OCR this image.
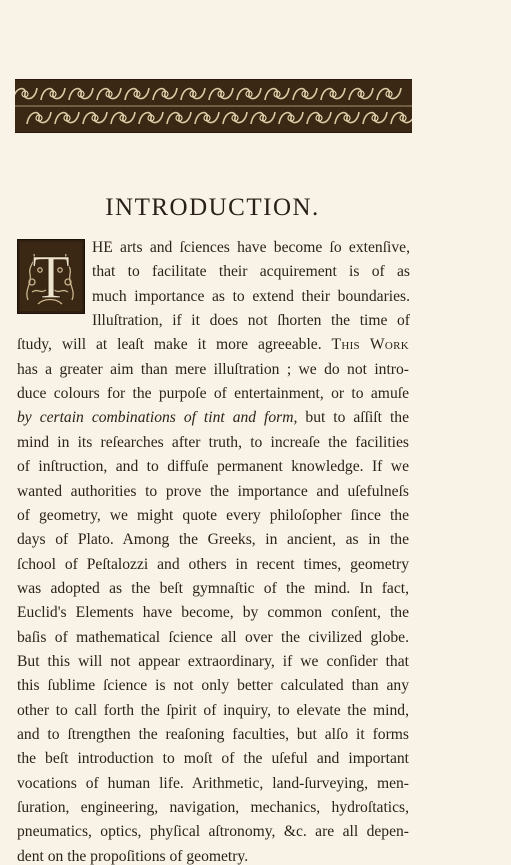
INTRODUCTION.
T HE arts and ſciences have become ſo extenſive,
that to facilitate their acquirement is of as
much importance as to extend their boundaries.
Illuſtration, if it does not ſhorten the time of
ſtudy, will at leaſt make it more agreeable. This Work
has a greater aim than mere illuſtration ; we do not intro-
duce colours for the purpoſe of entertainment, or to amuſe
by certain combinations of tint and form, but to aſſiſt the
mind in its reſearches after truth, to increaſe the facilities
of inſtruction, and to diffuſe permanent knowledge. If we
wanted authorities to prove the importance and uſefulneſs
of geometry, we might quote every philoſopher ſince the
days of Plato. Among the Greeks, in ancient, as in the
ſchool of Peſtalozzi and others in recent times, geometry
was adopted as the beſt gymnaſtic of the mind. In fact,
Euclid's Elements have become, by common conſent, the
baſis of mathematical ſcience all over the civilized globe.
But this will not appear extraordinary, if we conſider that
this ſublime ſcience is not only better calculated than any
other to call forth the ſpirit of inquiry, to elevate the mind,
and to ſtrengthen the reaſoning faculties, but alſo it forms
the beſt introduction to moſt of the uſeful and important
vocations of human life. Arithmetic, land-ſurveying, men-
ſuration, engineering, navigation, mechanics, hydroſtatics,
pneumatics, optics, phyſical aſtronomy, &c. are all depen-
dent on the propoſitions of geometry.
